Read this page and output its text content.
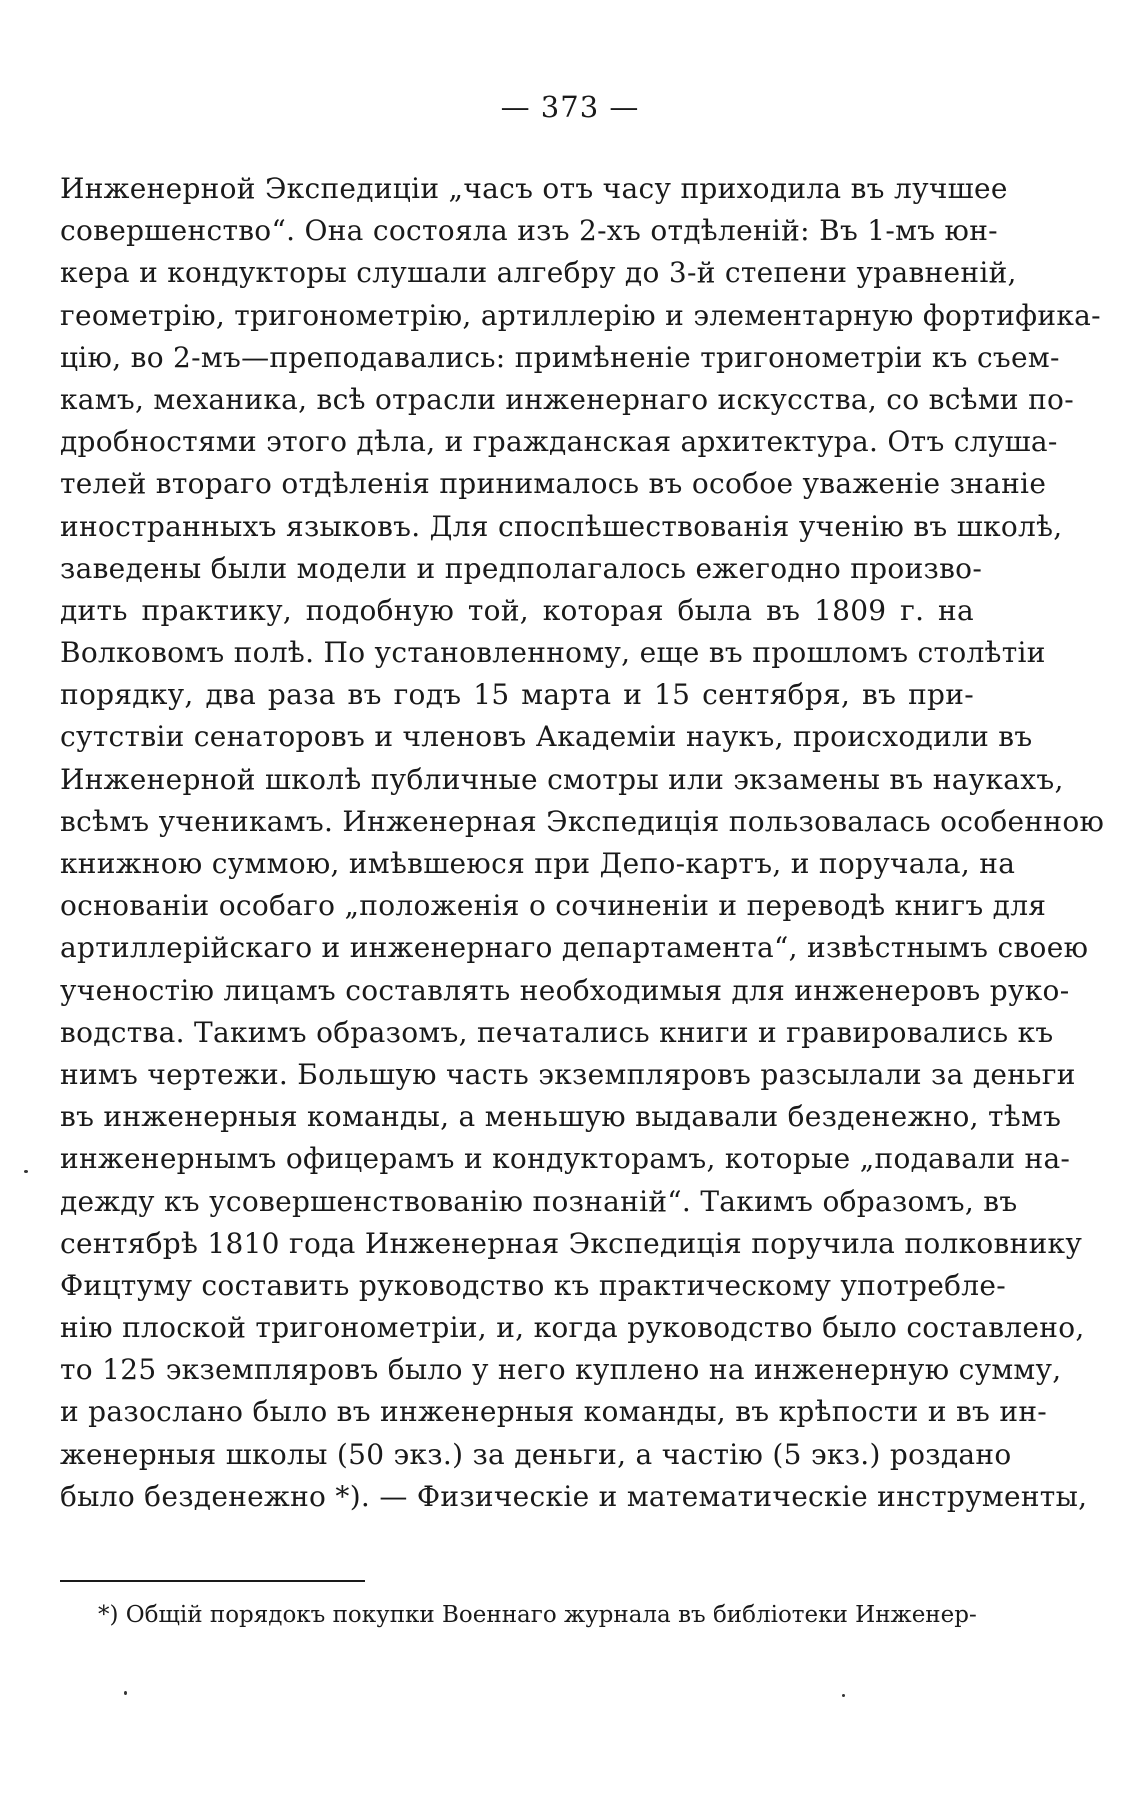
— 373 —
Инженерной Экспедиціи „часъ отъ часу приходила въ лучшее
совершенство“. Она состояла изъ 2-хъ отдѣленій: Въ 1-мъ юн-
кера и кондукторы слушали алгебру до 3-й степени уравненій,
геометрію, тригонометрію, артиллерію и элементарную фортифика-
цію, во 2-мъ—преподавались: примѣненіе тригонометріи къ съем-
камъ, механика, всѣ отрасли инженернаго искусства, со всѣми по-
дробностями этого дѣла, и гражданская архитектура. Отъ слуша-
телей втораго отдѣленія принималось въ особое уваженіе знаніе
иностранныхъ языковъ. Для споспѣшествованія ученію въ школѣ,
заведены были модели и предполагалось ежегодно произво-
дить практику, подобную той, которая была въ 1809 г. на
Волковомъ полѣ. По установленному, еще въ прошломъ столѣтіи
порядку, два раза въ годъ 15 марта и 15 сентября, въ при-
сутствіи сенаторовъ и членовъ Академіи наукъ, происходили въ
Инженерной школѣ публичные смотры или экзамены въ наукахъ,
всѣмъ ученикамъ. Инженерная Экспедиція пользовалась особенною
книжною суммою, имѣвшеюся при Депо-картъ, и поручала, на
основаніи особаго „положенія о сочиненіи и переводѣ книгъ для
артиллерійскаго и инженернаго департамента“, извѣстнымъ своею
ученостію лицамъ составлять необходимыя для инженеровъ руко-
водства. Такимъ образомъ, печатались книги и гравировались къ
нимъ чертежи. Большую часть экземпляровъ разсылали за деньги
въ инженерныя команды, а меньшую выдавали безденежно, тѣмъ
инженернымъ офицерамъ и кондукторамъ, которые „подавали на-
дежду къ усовершенствованію познаній“. Такимъ образомъ, въ
сентябрѣ 1810 года Инженерная Экспедиція поручила полковнику
Фицтуму составить руководство къ практическому употребле-
нію плоской тригонометріи, и, когда руководство было составлено,
то 125 экземпляровъ было у него куплено на инженерную сумму,
и разослано было въ инженерныя команды, въ крѣпости и въ ин-
женерныя школы (50 экз.) за деньги, а частію (5 экз.) роздано
было безденежно *). — Физическіе и математическіе инструменты,
*) Общій порядокъ покупки Военнаго журнала въ библіотеки Инженер-
